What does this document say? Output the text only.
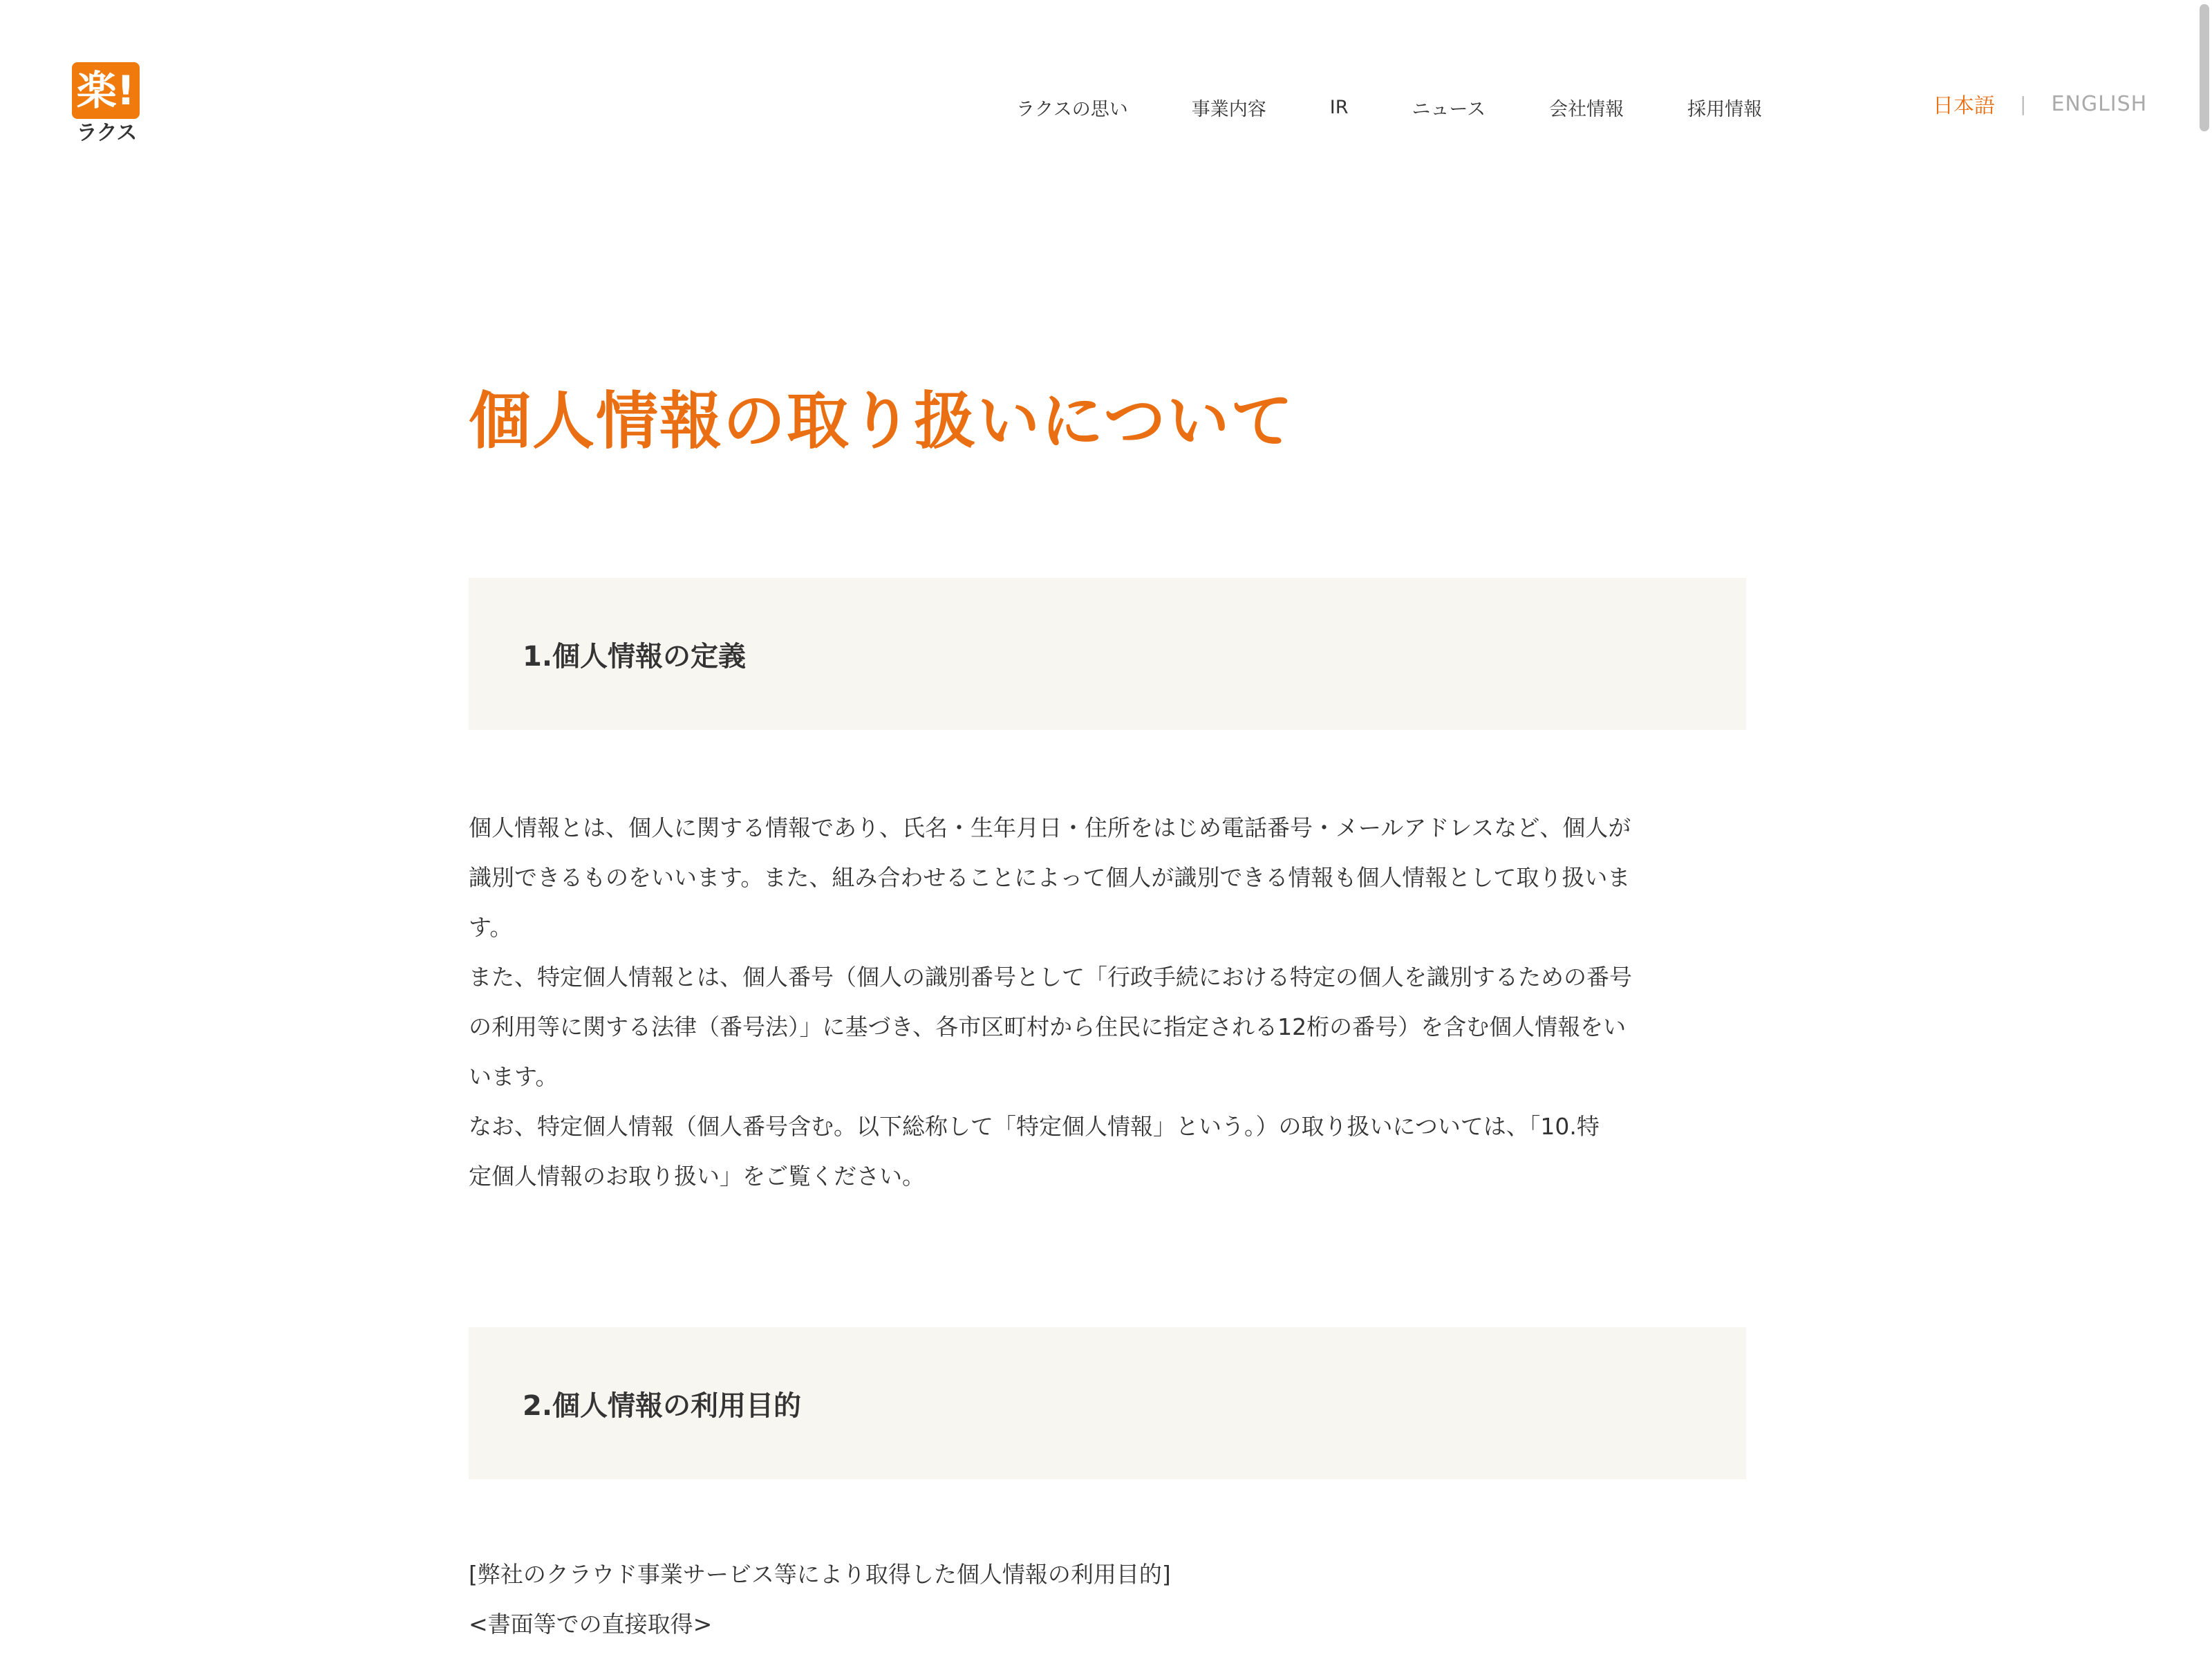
楽!
ラクス
ラクスの思い	事業内容	IR	ニュース	会社情報	採用情報	日本語 | ENGLISH
個人情報の取り扱いについて
1.個人情報の定義

個人情報とは、個人に関する情報であり、氏名・生年月日・住所をはじめ電話番号・メールアドレスなど、個人が

識別できるものをいいます。また、組み合わせることによって個人が識別できる情報も個人情報として取り扱いま

す。

また、特定個人情報とは、個人番号（個人の識別番号として「行政手続における特定の個人を識別するための番号

の利用等に関する法律（番号法）」に基づき、各市区町村から住民に指定される12桁の番号）を含む個人情報をい

います。

なお、特定個人情報（個人番号含む。以下総称して「特定個人情報」という。）の取り扱いについては、「10.特

定個人情報のお取り扱い」をご覧ください。

2.個人情報の利用目的

[弊社のクラウド事業サービス等により取得した個人情報の利用目的]

<書面等での直接取得>
